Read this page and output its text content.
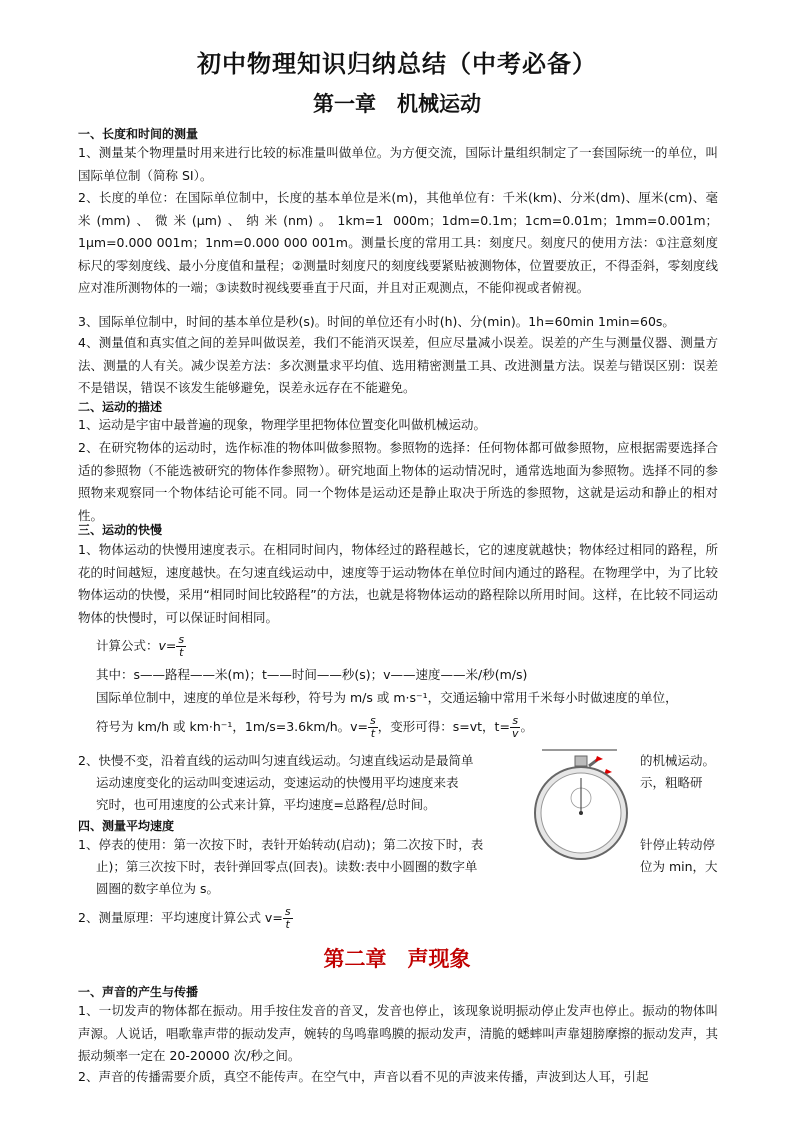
初中物理知识归纳总结（中考必备）
第一章　机械运动
一、长度和时间的测量
1、测量某个物理量时用来进行比较的标准量叫做单位。为方便交流，国际计量组织制定了一套国际统一的单位，叫国际单位制（简称 SI）。
2、长度的单位：在国际单位制中，长度的基本单位是米(m)，其他单位有：千米(km)、分米(dm)、厘米(cm)、毫米(mm)、微米(μm)、纳米(nm)。1km=1 000m；1dm=0.1m；1cm=0.01m；1mm=0.001m；1μm=0.000 001m；1nm=0.000 000 001m。测量长度的常用工具：刻度尺。刻度尺的使用方法：①注意刻度标尺的零刻度线、最小分度值和量程；②测量时刻度尺的刻度线要紧贴被测物体，位置要放正，不得歪斜，零刻度线应对准所测物体的一端；③读数时视线要垂直于尺面，并且对正观测点，不能仰视或者俯视。
3、国际单位制中，时间的基本单位是秒(s)。时间的单位还有小时(h)、分(min)。1h=60min 1min=60s。
4、测量值和真实值之间的差异叫做误差，我们不能消灭误差，但应尽量减小误差。误差的产生与测量仪器、测量方法、测量的人有关。减少误差方法：多次测量求平均值、选用精密测量工具、改进测量方法。误差与错误区别：误差不是错误，错误不该发生能够避免，误差永远存在不能避免。
二、运动的描述
1、运动是宇宙中最普遍的现象，物理学里把物体位置变化叫做机械运动。
2、在研究物体的运动时，选作标准的物体叫做参照物。参照物的选择：任何物体都可做参照物，应根据需要选择合适的参照物（不能选被研究的物体作参照物）。研究地面上物体的运动情况时，通常选地面为参照物。选择不同的参照物来观察同一个物体结论可能不同。同一个物体是运动还是静止取决于所选的参照物，这就是运动和静止的相对性。
三、运动的快慢
1、物体运动的快慢用速度表示。在相同时间内，物体经过的路程越长，它的速度就越快；物体经过相同的路程，所花的时间越短，速度越快。在匀速直线运动中，速度等于运动物体在单位时间内通过的路程。在物理学中，为了比较物体运动的快慢，采用“相同时间比较路程”的方法，也就是将物体运动的路程除以所用时间。这样，在比较不同运动物体的快慢时，可以保证时间相同。
计算公式：$v= \frac{s}{t}$
其中：s——路程——米(m)；t——时间——秒(s)；v——速度——米/秒(m/s)
国际单位制中，速度的单位是米每秒，符号为 m/s 或 m·s⁻¹，交通运输中常用千米每小时做速度的单位，
符号为 km/h 或 km·h⁻¹，1m/s=3.6km/h。$v= \frac{s}{t}$ ，变形可得：s=vt，$t= \frac{s}{v}$ 。
2、快慢不变，沿着直线的运动叫匀速直线运动。匀速直线运动是最简单	的机械运动。
运动速度变化的运动叫变速运动，变速运动的快慢用平均速度来表	示，粗略研
究时，也可用速度的公式来计算，平均速度=总路程/总时间。
四、测量平均速度
1、停表的使用：第一次按下时，表针开始转动(启动)；第二次按下时，表	针停止转动停
止)；第三次按下时，表针弹回零点(回表)。读数:表中小圆圈的数字单	位为 min，大
圆圈的数字单位为 s。
2、测量原理：平均速度计算公式 $v= \frac{s}{t}$
第二章　声现象
一、声音的产生与传播
1、一切发声的物体都在振动。用手按住发音的音叉，发音也停止，该现象说明振动停止发声也停止。振动的物体叫声源。人说话，唱歌靠声带的振动发声，婉转的鸟鸣靠鸣膜的振动发声，清脆的蟋蟀叫声靠翅膀摩擦的振动发声，其振动频率一定在 20-20000 次/秒之间。
2、声音的传播需要介质，真空不能传声。在空气中，声音以看不见的声波来传播，声波到达人耳，引起
